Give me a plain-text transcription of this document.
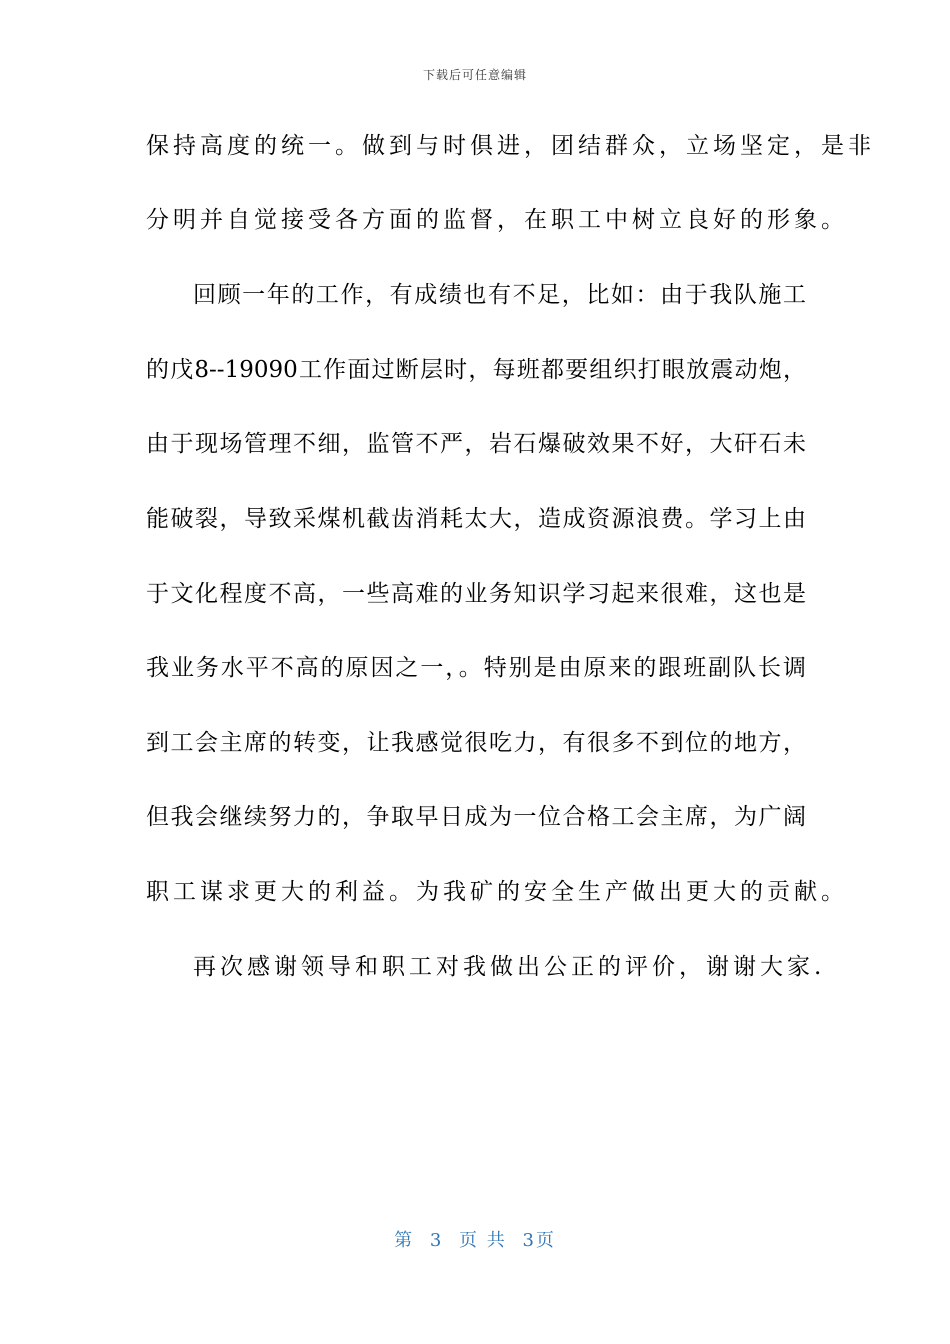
下载后可任意编辑
保持高度的统一。做到与时俱进，团结群众，立场坚定，是非
分明并自觉接受各方面的监督，在职工中树立良好的形象。
回顾一年的工作，有成绩也有不足，比如：由于我队施工
的戊8--19090工作面过断层时，每班都要组织打眼放震动炮，
由于现场管理不细，监管不严，岩石爆破效果不好，大矸石未
能破裂，导致采煤机截齿消耗太大，造成资源浪费。学习上由
于文化程度不高，一些高难的业务知识学习起来很难，这也是
我业务水平不高的原因之一，。特别是由原来的跟班副队长调
到工会主席的转变，让我感觉很吃力，有很多不到位的地方，
但我会继续努力的，争取早日成为一位合格工会主席，为广阔
职工谋求更大的利益。为我矿的安全生产做出更大的贡献。
再次感谢领导和职工对我做出公正的评价，谢谢大家.
第 3 页 共 3页
